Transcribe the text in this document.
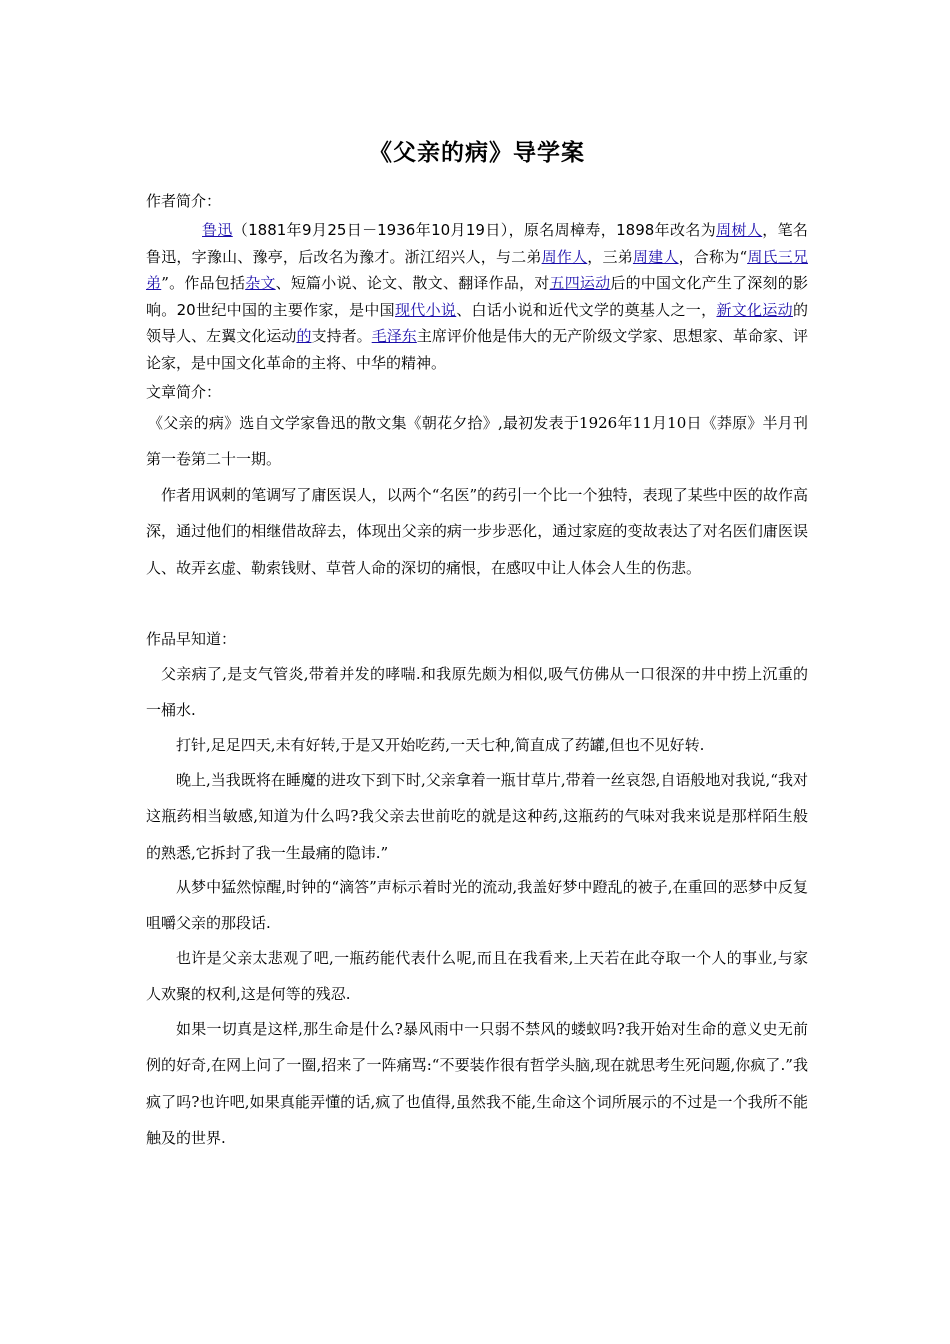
《父亲的病》导学案
作者简介：
鲁迅（1881年9月25日－1936年10月19日），原名周樟寿，1898年改名为周树人，笔名鲁迅，字豫山、豫亭，后改名为豫才。浙江绍兴人，与二弟周作人，三弟周建人，合称为“周氏三兄弟”。作品包括杂文、短篇小说、论文、散文、翻译作品，对五四运动后的中国文化产生了深刻的影响。20世纪中国的主要作家，是中国现代小说、白话小说和近代文学的奠基人之一，新文化运动的领导人、左翼文化运动的支持者。毛泽东主席评价他是伟大的无产阶级文学家、思想家、革命家、评论家，是中国文化革命的主将、中华的精神。
文章简介：
《父亲的病》选自文学家鲁迅的散文集《朝花夕拾》,最初发表于1926年11月10日《莽原》半月刊第一卷第二十一期。
作者用讽刺的笔调写了庸医误人，以两个“名医”的药引一个比一个独特，表现了某些中医的故作高深，通过他们的相继借故辞去，体现出父亲的病一步步恶化，通过家庭的变故表达了对名医们庸医误人、故弄玄虚、勒索钱财、草菅人命的深切的痛恨，在感叹中让人体会人生的伤悲。
作品早知道：
父亲病了,是支气管炎,带着并发的哮喘.和我原先颇为相似,吸气仿佛从一口很深的井中捞上沉重的一桶水.
打针,足足四天,未有好转,于是又开始吃药,一天七种,简直成了药罐,但也不见好转.
晚上,当我既将在睡魔的进攻下到下时,父亲拿着一瓶甘草片,带着一丝哀怨,自语般地对我说,“我对这瓶药相当敏感,知道为什么吗?我父亲去世前吃的就是这种药,这瓶药的气味对我来说是那样陌生般的熟悉,它拆封了我一生最痛的隐讳.”
从梦中猛然惊醒,时钟的“滴答”声标示着时光的流动,我盖好梦中蹬乱的被子,在重回的恶梦中反复咀嚼父亲的那段话.
也许是父亲太悲观了吧,一瓶药能代表什么呢,而且在我看来,上天若在此夺取一个人的事业,与家人欢聚的权利,这是何等的残忍.
如果一切真是这样,那生命是什么?暴风雨中一只弱不禁风的蝼蚁吗?我开始对生命的意义史无前例的好奇,在网上问了一圈,招来了一阵痛骂:“不要装作很有哲学头脑,现在就思考生死问题,你疯了.”我疯了吗?也许吧,如果真能弄懂的话,疯了也值得,虽然我不能,生命这个词所展示的不过是一个我所不能触及的世界.
